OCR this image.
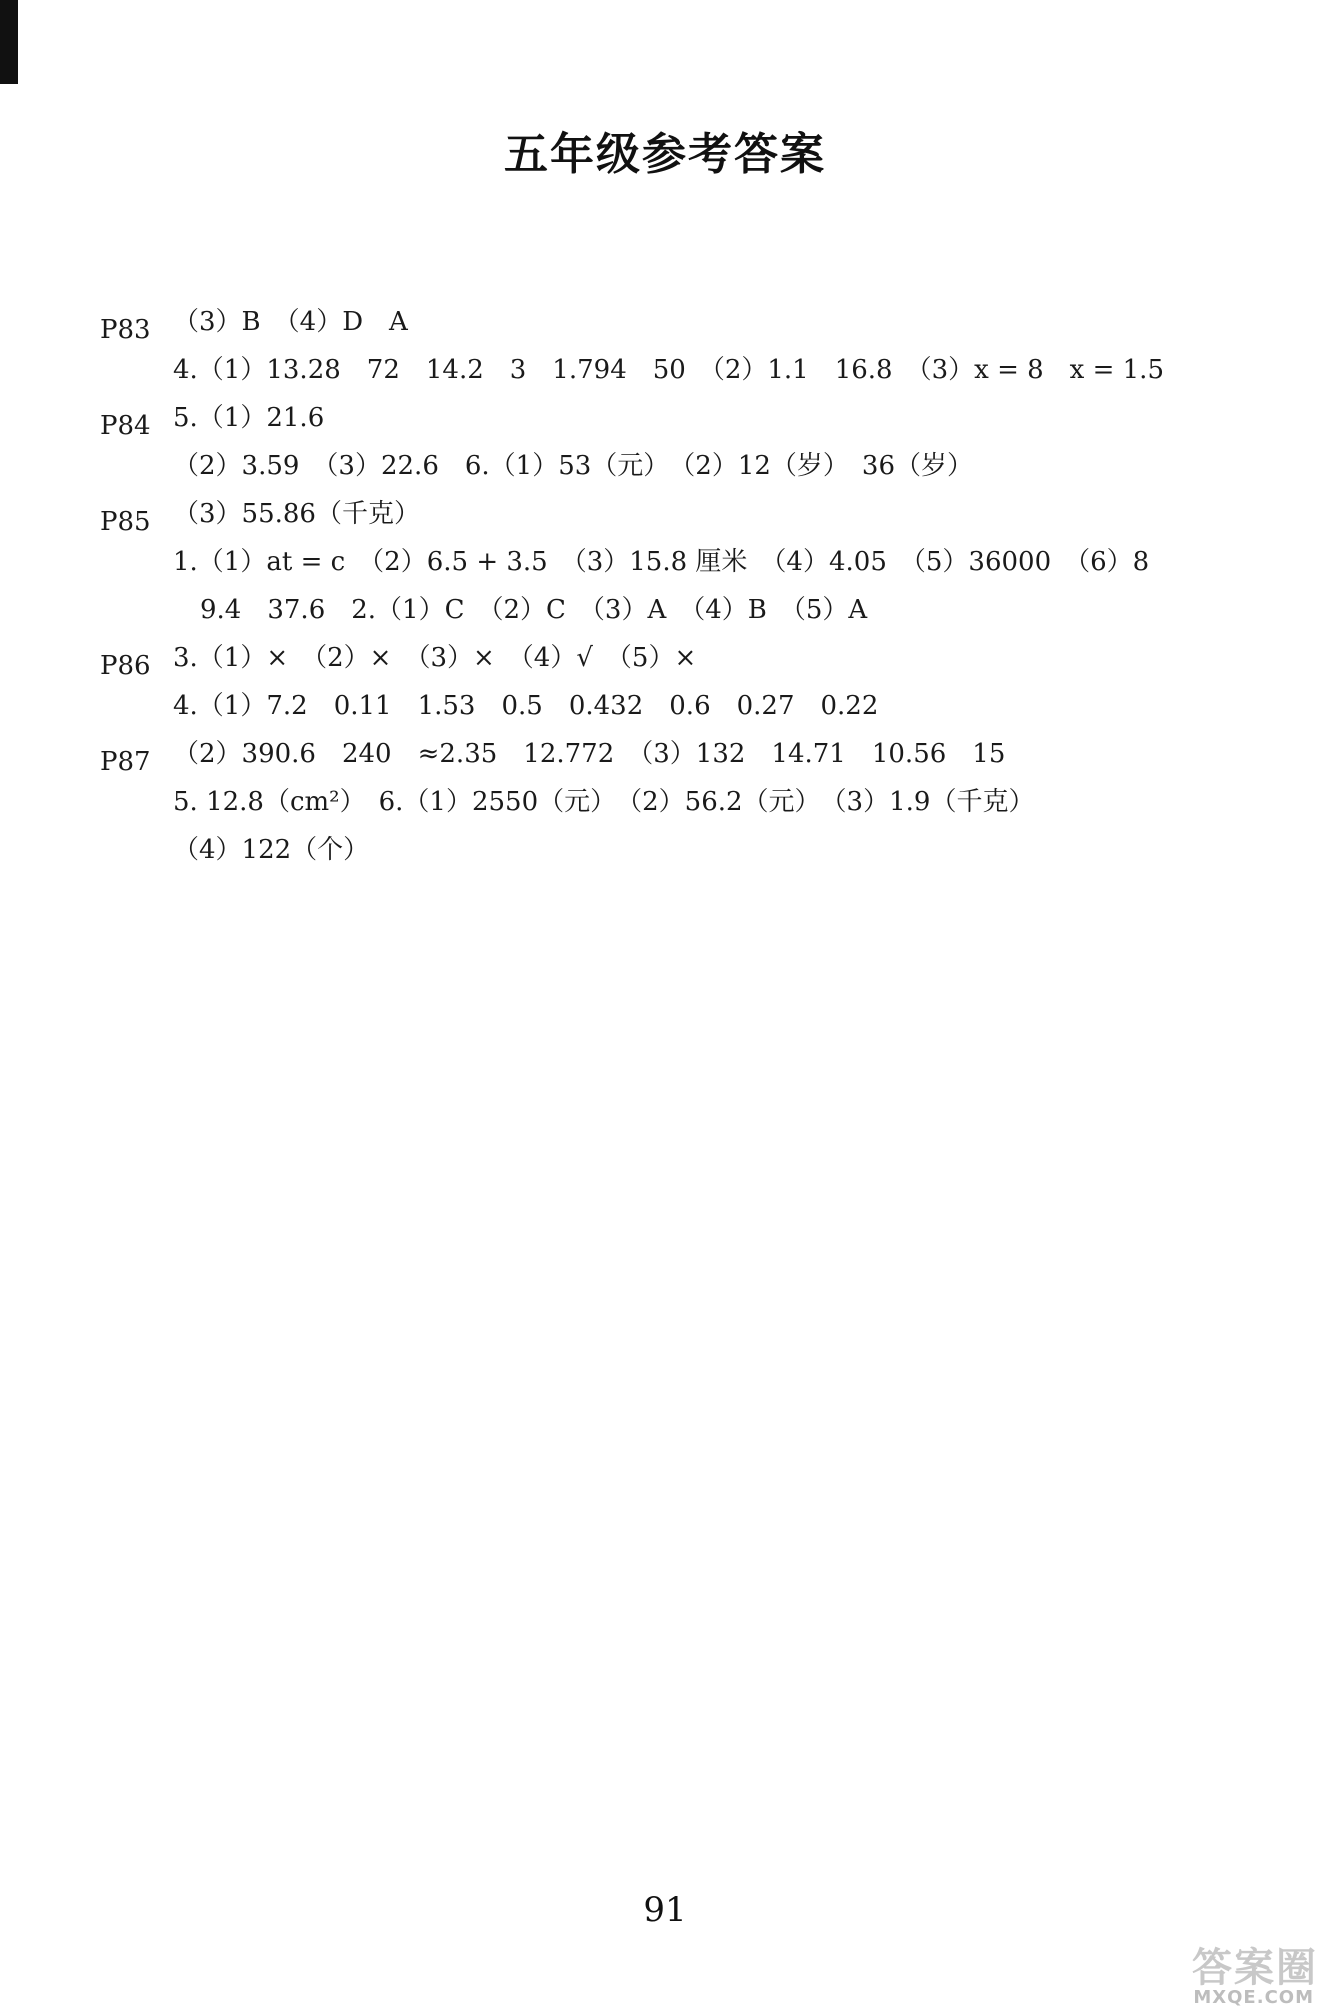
五年级参考答案

（3）B　（4）D　A

P83

4.（1）13.28　72　14.2　3　1.794　50　（2）1.1　16.8　（3）x = 8　x = 1.5

5.（1）21.6

P84

（2）3.59　（3）22.6　6.（1）53（元）　（2）12（岁）　36（岁）

（3）55.86（千克）

P85

1.（1）at = c　（2）6.5 + 3.5　（3）15.8 厘米　（4）4.05　（5）36000　（6）8

9.4　37.6　2.（1）C　（2）C　（3）A　（4）B　（5）A

3.（1）×　（2）×　（3）×　（4）√　（5）×

P86

4.（1）7.2　0.11　1.53　0.5　0.432　0.6　0.27　0.22

（2）390.6　240　≈2.35　12.772　（3）132　14.71　10.56　15

P87

5. 12.8（cm²）　6.（1）2550（元）　（2）56.2（元）　（3）1.9（千克）

（4）122（个）

91
答案圈
MXQE.COM
